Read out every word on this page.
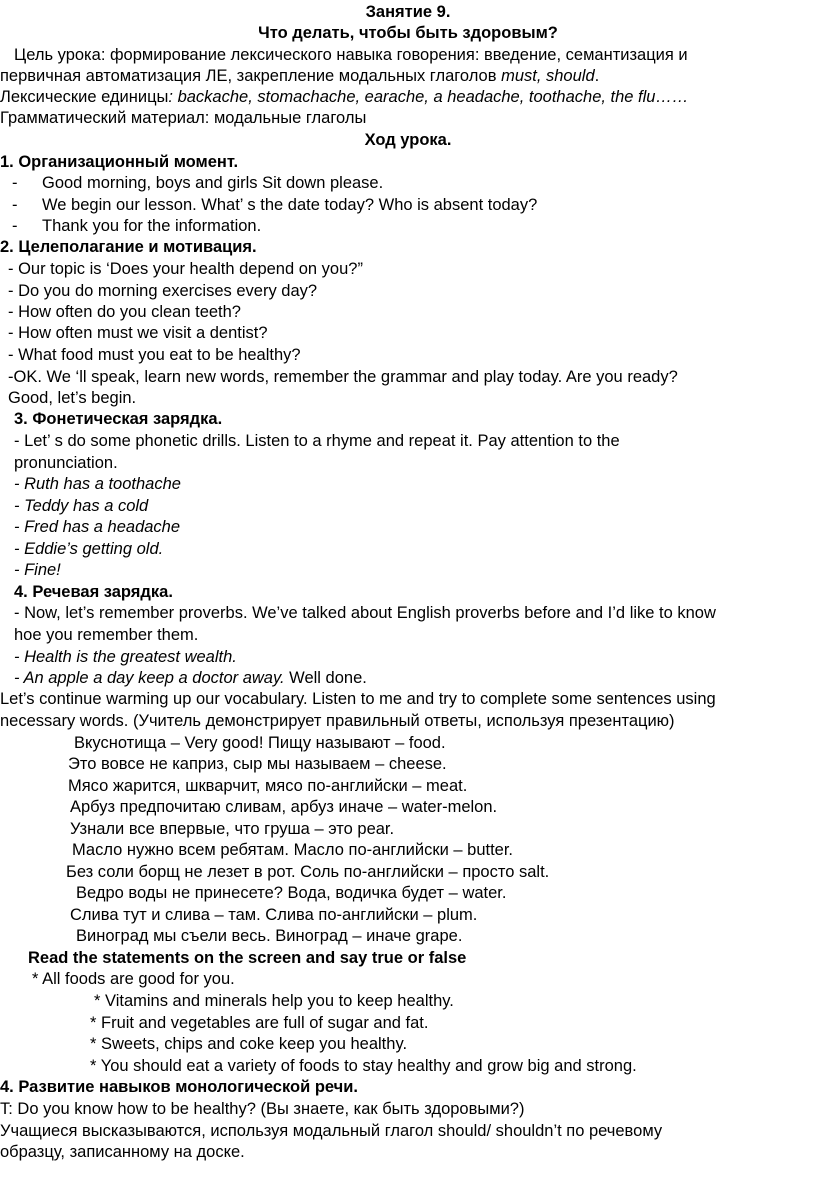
Занятие 9.
Что делать, чтобы быть здоровым?
Цель урока: формирование лексического навыка говорения: введение, семантизация и
первичная автоматизация ЛЕ, закрепление модальных глаголов must, should.
Лексические единицы: backache, stomachache, earache, a headache, toothache, the flu……
Грамматический материал: модальные глаголы
Ход урока.
1. Организационный момент.
- Good morning, boys and girls Sit down please.
- We begin our lesson. What’ s the date today? Who is absent today?
- Thank you for the information.
2. Целеполагание и мотивация.
- Our topic is ‘Does your health depend on you?”
- Do you do morning exercises every day?
- How often do you clean teeth?
- How often must we visit a dentist?
- What food must you eat to be healthy?
-OK. We ‘ll speak, learn new words, remember the grammar and play today. Are you ready?
Good, let’s begin.
3. Фонетическая зарядка.
- Let’ s do some phonetic drills. Listen to a rhyme and repeat it. Pay attention to the
pronunciation.
- Ruth has a toothache
- Teddy has a cold
- Fred has a headache
- Eddie’s getting old.
- Fine!
4. Речевая зарядка.
- Now, let’s remember proverbs. We’ve talked about English proverbs before and I’d like to know
hoe you remember them.
- Health is the greatest wealth.
- An apple a day keep a doctor away. Well done.
Let’s continue warming up our vocabulary. Listen to me and try to complete some sentences using
necessary words. (Учитель демонстрирует правильный ответы, используя презентацию)
Вкуснотища – Very good! Пищу называют – food.
Это вовсе не каприз, сыр мы называем – cheese.
Мясо жарится, шкварчит, мясо по-английски – meat.
Арбуз предпочитаю сливам, арбуз иначе – water-melon.
Узнали все впервые, что груша – это pear.
Масло нужно всем ребятам. Масло по-английски – butter.
Без соли борщ не лезет в рот. Соль по-английски – просто salt.
Ведро воды не принесете? Вода, водичка будет – water.
Слива тут и слива – там. Слива по-английски – plum.
Виноград мы съели весь. Виноград – иначе grape.
Read the statements on the screen and say true or false
* All foods are good for you.
* Vitamins and minerals help you to keep healthy.
* Fruit and vegetables are full of sugar and fat.
* Sweets, chips and coke keep you healthy.
* You should eat a variety of foods to stay healthy and grow big and strong.
4. Развитие навыков монологической речи.
T: Do you know how to be healthy? (Вы знаете, как быть здоровыми?)
Учащиеся высказываются, используя модальный глагол should/ shouldn’t по речевому
образцу, записанному на доске.
